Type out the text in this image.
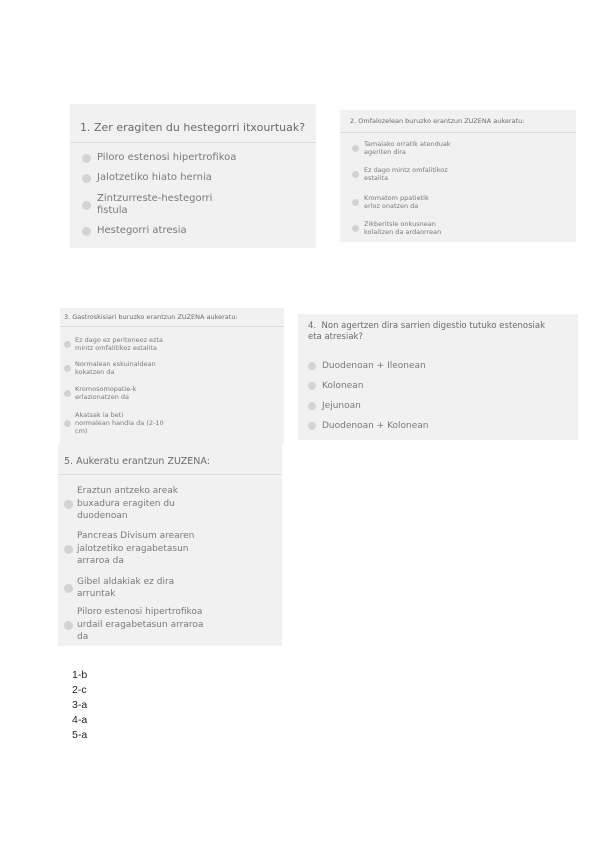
1. Zer eragiten du hestegorri itxourtuak?
Piloro estenosi hipertrofikoa
Jalotzetiko hiato hernia
Zintzurreste-hestegorri
fistula
Hestegorri atresia
2. Omfalozelean buruzko erantzun ZUZENA aukeratu:
Tamaiako orratik atenduak
ageriten dira
Ez dago mintz omfalitikoz
estalita
Kromatom ppatietik
erloz onatzen da
Zikberitsle onkusnean
kolaitzen da ardaorrean
3. Gastroskisiari buruzko erantzun ZUZENA aukeratu:
Ez dago ez peritoneoz ezta
mintz omfalitikoz estalita
Normalean eskuinaldean
kokatzen da
Kromosomopatie-k
erlazionatzen da
Akatsak ia beti
normalean handia da (2-10
cm)
4.  Non agertzen dira sarrien digestio tutuko estenosiak
eta atresiak?
Duodenoan + Ileonean
Kolonean
Jejunoan
Duodenoan + Kolonean
5. Aukeratu erantzun ZUZENA:
Eraztun antzeko areak
buxadura eragiten du
duodenoan
Pancreas Divisum arearen
jalotzetiko eragabetasun
arraroa da
Gibel aldakiak ez dira
arruntak
Piloro estenosi hipertrofikoa
urdail eragabetasun arraroa
da
1-b
2-c
3-a
4-a
5-a
